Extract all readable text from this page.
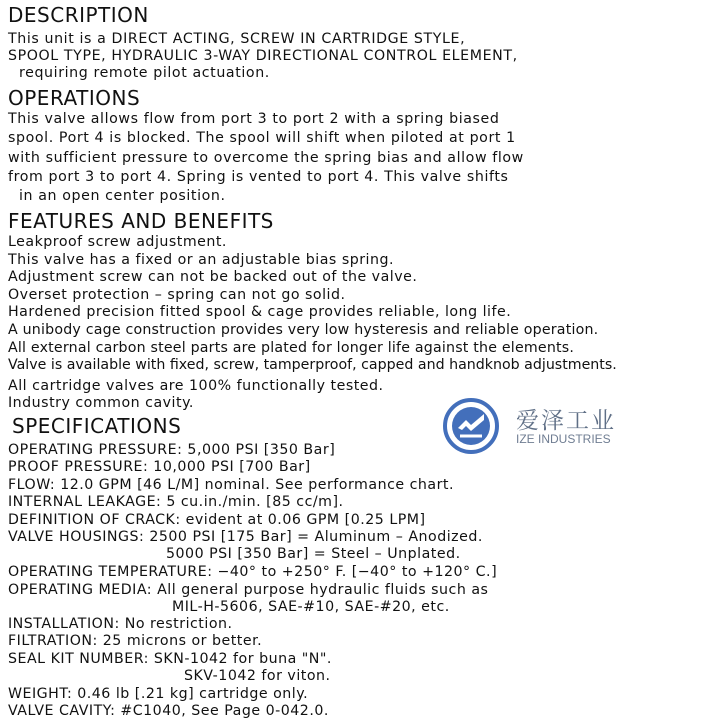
DESCRIPTION
This unit is a DIRECT ACTING, SCREW IN CARTRIDGE STYLE,
SPOOL TYPE, HYDRAULIC 3-WAY DIRECTIONAL CONTROL ELEMENT,
requiring remote pilot actuation.
OPERATIONS
This valve allows flow from port 3 to port 2 with a spring biased
spool. Port 4 is blocked. The spool will shift when piloted at port 1
with sufficient pressure to overcome the spring bias and allow flow
from port 3 to port 4. Spring is vented to port 4. This valve shifts
in an open center position.
FEATURES AND BENEFITS
Leakproof screw adjustment.
This valve has a fixed or an adjustable bias spring.
Adjustment screw can not be backed out of the valve.
Overset protection – spring can not go solid.
Hardened precision fitted spool & cage provides reliable, long life.
A unibody cage construction provides very low hysteresis and reliable operation.
All external carbon steel parts are plated for longer life against the elements.
Valve is available with fixed, screw, tamperproof, capped and handknob adjustments.
All cartridge valves are 100% functionally tested.
Industry common cavity.
SPECIFICATIONS
OPERATING PRESSURE: 5,000 PSI [350 Bar]
PROOF PRESSURE: 10,000 PSI [700 Bar]
FLOW: 12.0 GPM [46 L/M] nominal. See performance chart.
INTERNAL LEAKAGE: 5 cu.in./min. [85 cc/m].
DEFINITION OF CRACK: evident at 0.06 GPM [0.25 LPM]
VALVE HOUSINGS: 2500 PSI [175 Bar] = Aluminum – Anodized.
5000 PSI [350 Bar] = Steel – Unplated.
OPERATING TEMPERATURE: −40° to +250° F. [−40° to +120° C.]
OPERATING MEDIA: All general purpose hydraulic fluids such as
MIL-H-5606, SAE-#10, SAE-#20, etc.
INSTALLATION: No restriction.
FILTRATION: 25 microns or better.
SEAL KIT NUMBER: SKN-1042 for buna "N".
SKV-1042 for viton.
WEIGHT: 0.46 lb [.21 kg] cartridge only.
VALVE CAVITY: #C1040, See Page 0-042.0.
爱泽工业
IZE INDUSTRIES
